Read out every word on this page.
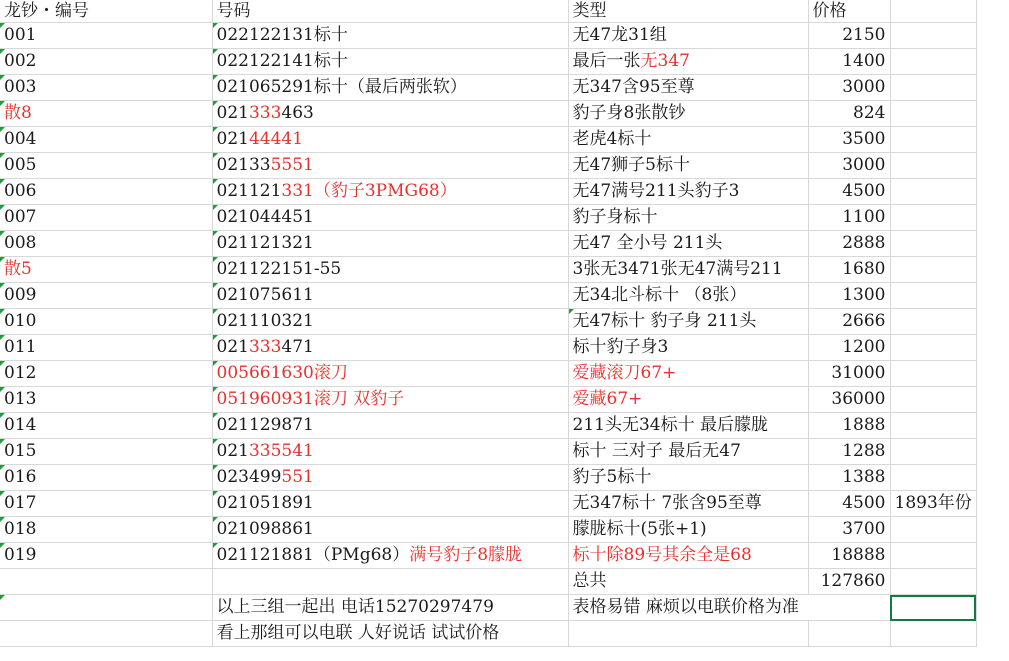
龙钞・编号	号码	类型	价格	
001	022122131标十	无47龙31组	2150	
002	022122141标十	最后一张无347	1400	
003	021065291标十（最后两张软）	无347含95至尊	3000	
散8	021333463	豹子身8张散钞	824	
004	02144441	老虎4标十	3500	
005	021335551	无47狮子5标十	3000	
006	021121331（豹子3PMG68）	无47满号211头豹子3	4500	
007	021044451	豹子身标十	1100	
008	021121321	无47 全小号 211头	2888	
散5	021122151-55	3张无3471张无47满号211	1680	
009	021075611	无34北斗标十 （8张）	1300	
010	021110321	无47标十 豹子身 211头	2666	
011	021333471	标十豹子身3	1200	
012	005661630滚刀	爱藏滚刀67+	31000	
013	051960931滚刀 双豹子	爱藏67+	36000	
014	021129871	211头无34标十 最后朦胧	1888	
015	021335541	标十 三对子 最后无47	1288	
016	023499551	豹子5标十	1388	
017	021051891	无347标十 7张含95至尊	4500	1893年份
018	021098861	朦胧标十(5张+1)	3700	
019	021121881（PMg68）满号豹子8朦胧	标十除89号其余全是68	18888	
		总共	127860	
	以上三组一起出 电话15270297479	表格易错 麻烦以电联价格为准		
	看上那组可以电联 人好说话 试试价格			
